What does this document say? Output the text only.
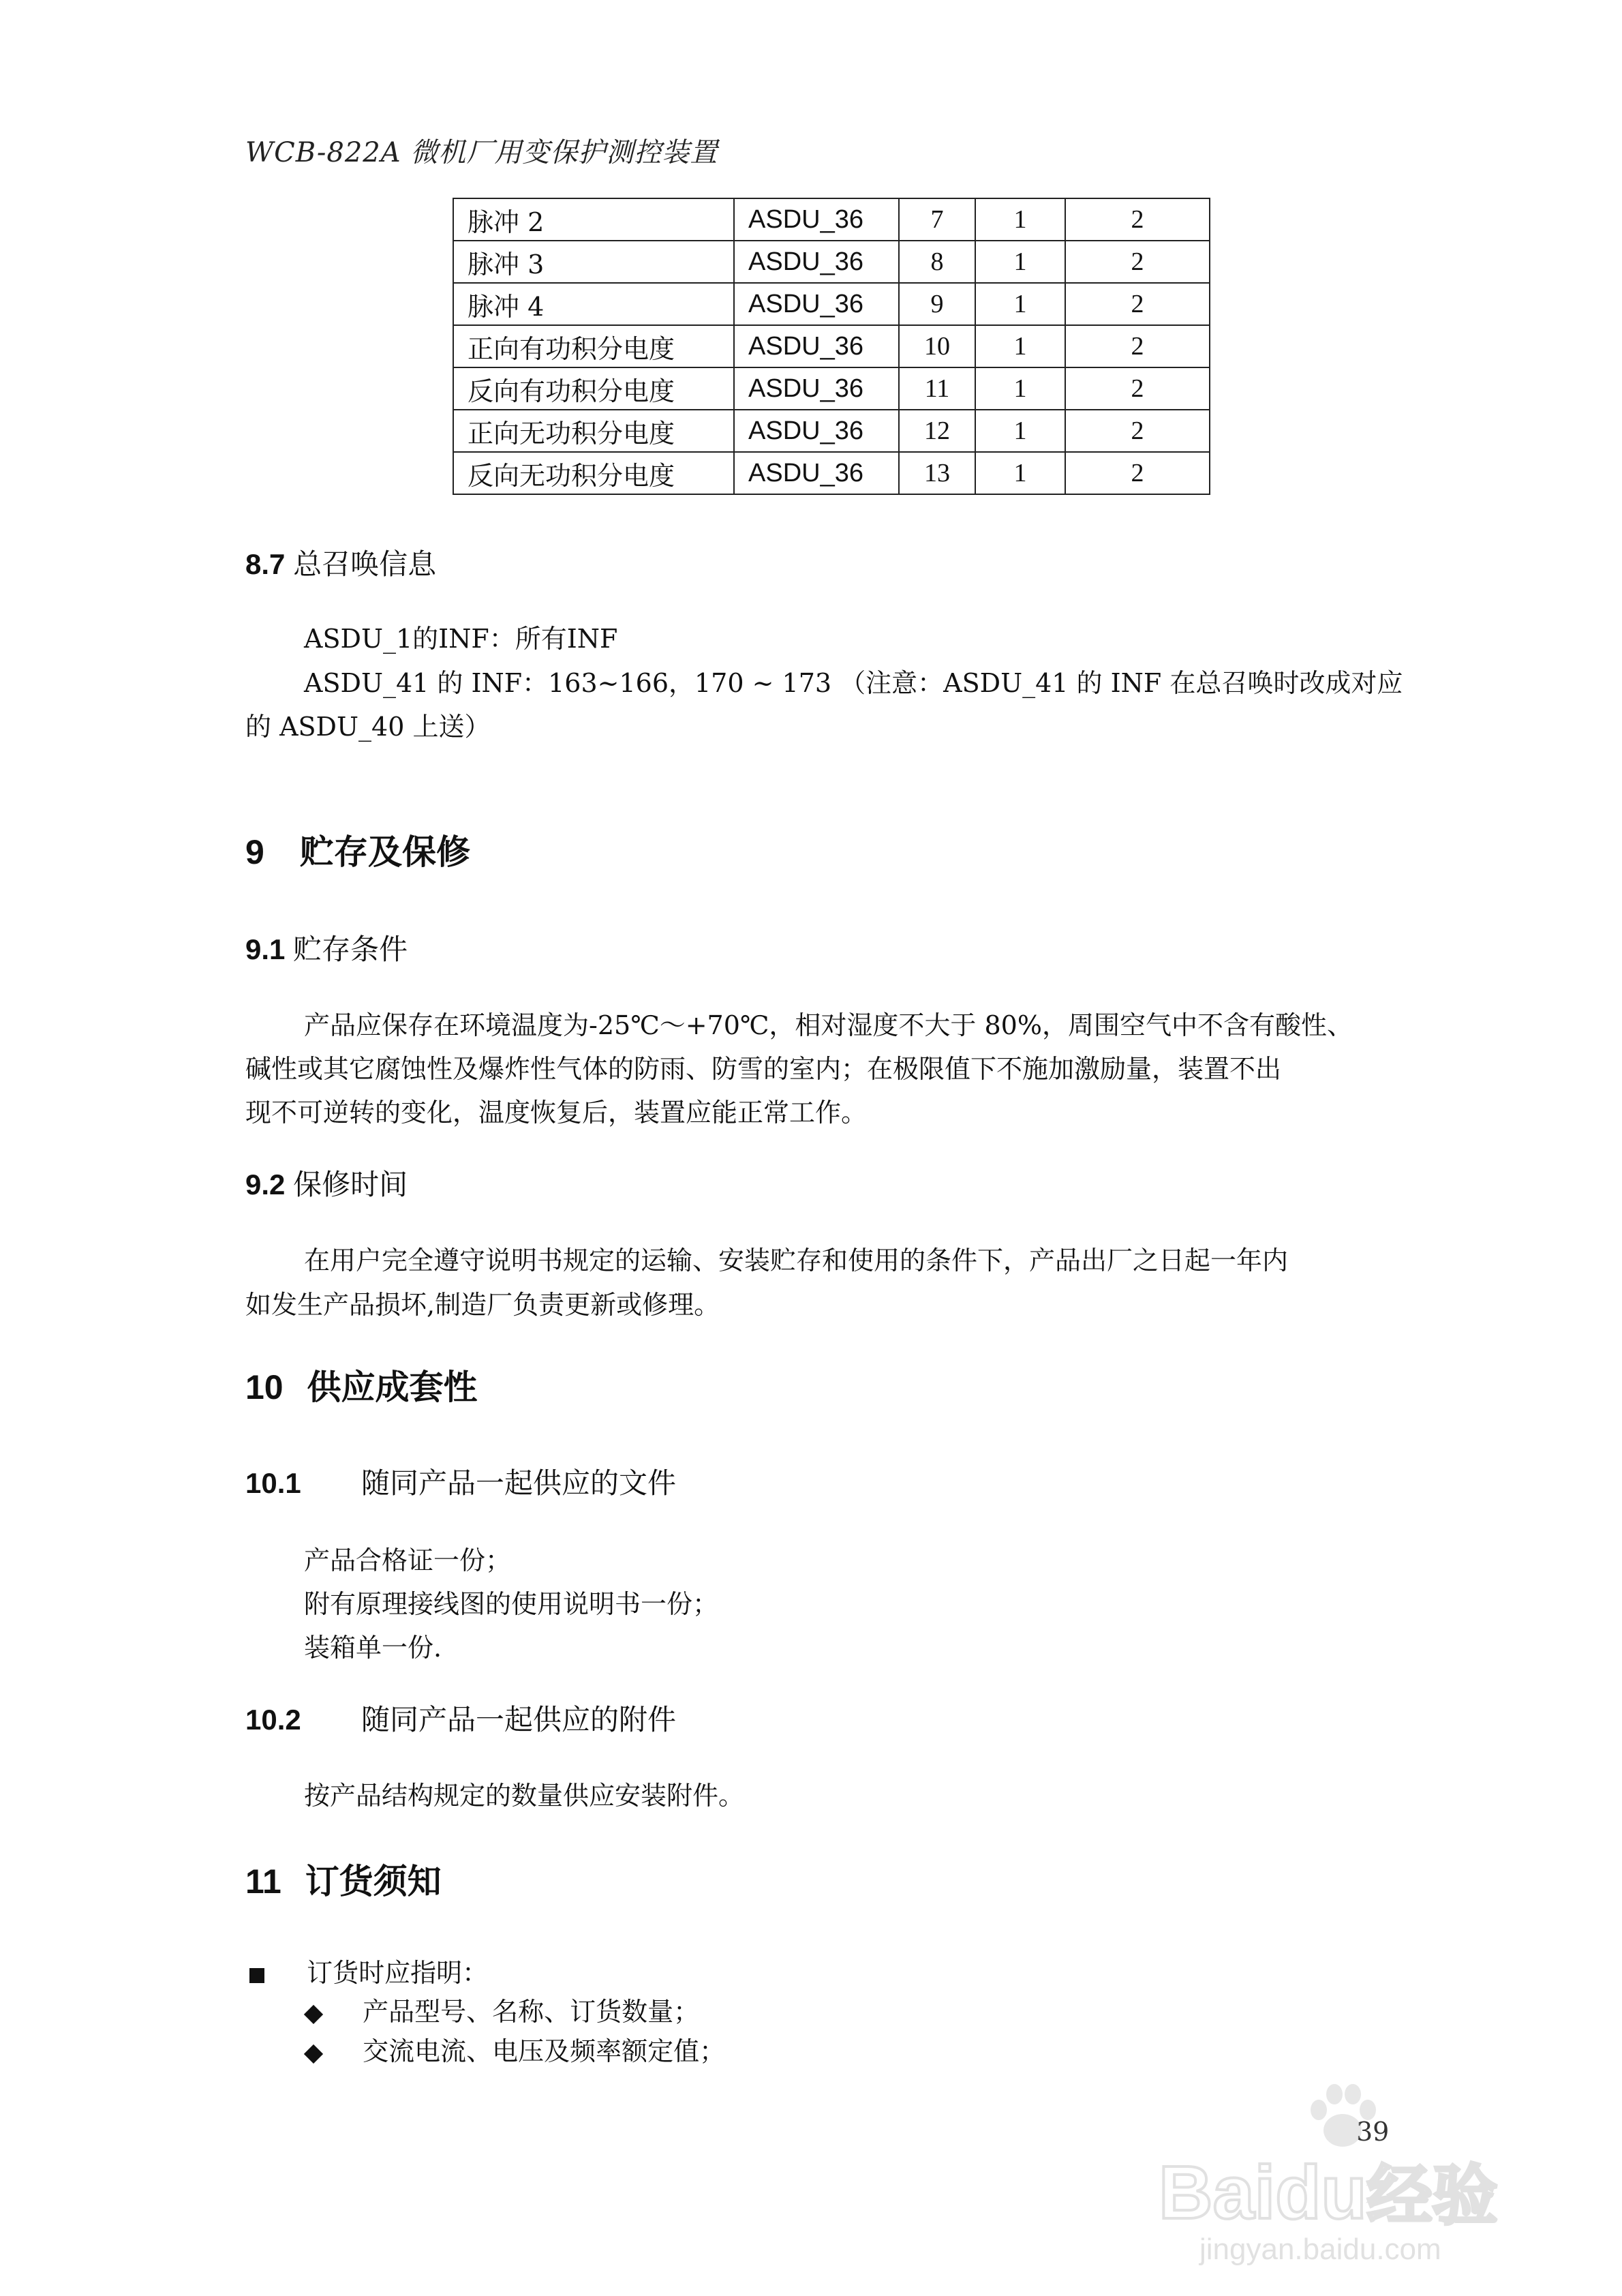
WCB-822A 微机厂用变保护测控装置
脉冲 2	ASDU_36	7	1	2
脉冲 3	ASDU_36	8	1	2
脉冲 4	ASDU_36	9	1	2
正向有功积分电度	ASDU_36	10	1	2
反向有功积分电度	ASDU_36	11	1	2
正向无功积分电度	ASDU_36	12	1	2
反向无功积分电度	ASDU_36	13	1	2
8.7 总召唤信息
ASDU_1的INF：所有INF
ASDU_41 的 INF：163~166，170 ~ 173 （注意：ASDU_41 的 INF 在总召唤时改成对应
的 ASDU_40 上送）
9 贮存及保修
9.1 贮存条件
产品应保存在环境温度为-25℃～+70℃，相对湿度不大于 80%，周围空气中不含有酸性、
碱性或其它腐蚀性及爆炸性气体的防雨、防雪的室内；在极限值下不施加激励量，装置不出
现不可逆转的变化，温度恢复后，装置应能正常工作。
9.2 保修时间
在用户完全遵守说明书规定的运输、安装贮存和使用的条件下，产品出厂之日起一年内
如发生产品损坏,制造厂负责更新或修理。
10 供应成套性
10.1 随同产品一起供应的文件
产品合格证一份；
附有原理接线图的使用说明书一份；
装箱单一份.
10.2 随同产品一起供应的附件
按产品结构规定的数量供应安装附件。
11 订货须知
订货时应指明：
产品型号、名称、订货数量；
交流电流、电压及频率额定值；
39
Baidu经验
jingyan.baidu.com
